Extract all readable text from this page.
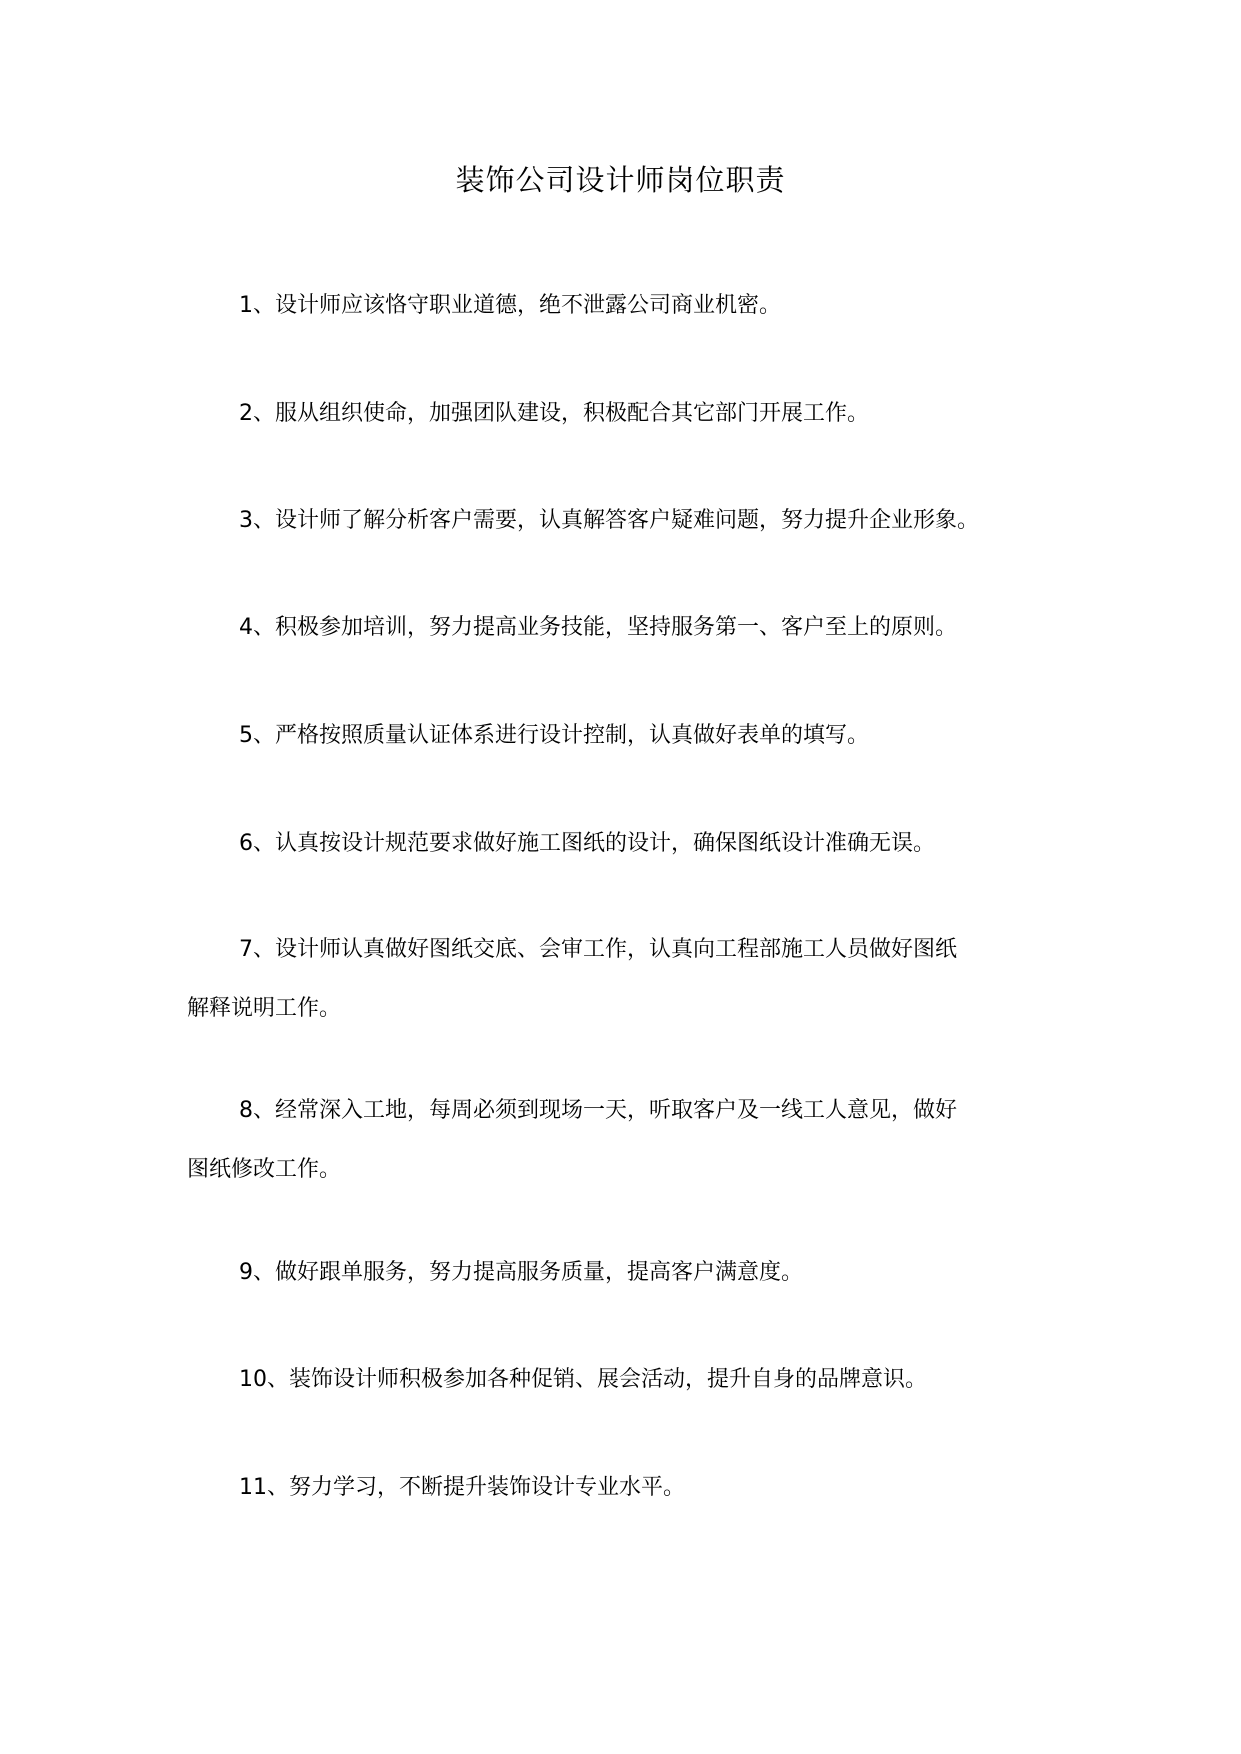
装饰公司设计师岗位职责
1、设计师应该恪守职业道德，绝不泄露公司商业机密。
2、服从组织使命，加强团队建设，积极配合其它部门开展工作。
3、设计师了解分析客户需要，认真解答客户疑难问题，努力提升企业形象。
4、积极参加培训，努力提高业务技能，坚持服务第一、客户至上的原则。
5、严格按照质量认证体系进行设计控制，认真做好表单的填写。
6、认真按设计规范要求做好施工图纸的设计，确保图纸设计准确无误。
7、设计师认真做好图纸交底、会审工作，认真向工程部施工人员做好图纸
解释说明工作。
8、经常深入工地，每周必须到现场一天，听取客户及一线工人意见，做好
图纸修改工作。
9、做好跟单服务，努力提高服务质量，提高客户满意度。
10、装饰设计师积极参加各种促销、展会活动，提升自身的品牌意识。
11、努力学习，不断提升装饰设计专业水平。
